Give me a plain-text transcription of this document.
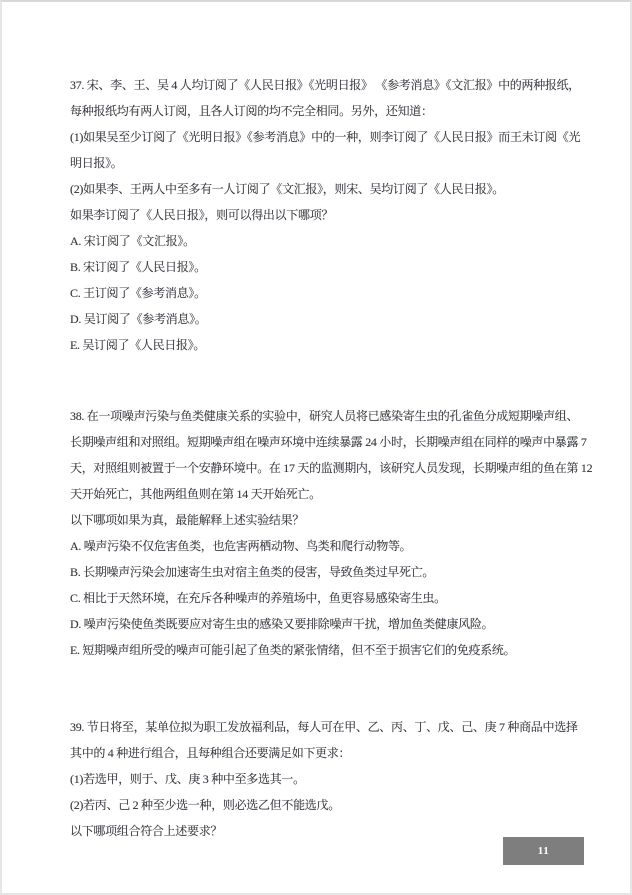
37. 宋、李、王、吴 4 人均订阅了《人民日报》《光明日报》 《参考消息》《文汇报》中的两种报纸，
每种报纸均有两人订阅，且各人订阅的均不完全相同。另外，还知道：
(1)如果吴至少订阅了《光明日报》《参考消息》中的一种，则李订阅了《人民日报》而王未订阅《光
明日报》。
(2)如果李、王两人中至多有一人订阅了《文汇报》，则宋、吴均订阅了《人民日报》。
如果李订阅了《人民日报》，则可以得出以下哪项？
A. 宋订阅了《文汇报》。
B. 宋订阅了《人民日报》。
C. 王订阅了《参考消息》。
D. 吴订阅了《参考消息》。
E. 吴订阅了《人民日报》。
38. 在一项噪声污染与鱼类健康关系的实验中，研究人员将已感染寄生虫的孔雀鱼分成短期噪声组、
长期噪声组和对照组。短期噪声组在噪声环境中连续暴露 24 小时，长期噪声组在同样的噪声中暴露 7
天，对照组则被置于一个安静环境中。在 17 天的监测期内，该研究人员发现，长期噪声组的鱼在第 12
天开始死亡，其他两组鱼则在第 14 天开始死亡。
以下哪项如果为真，最能解释上述实验结果？
A. 噪声污染不仅危害鱼类，也危害两栖动物、鸟类和爬行动物等。
B. 长期噪声污染会加速寄生虫对宿主鱼类的侵害，导致鱼类过早死亡。
C. 相比于天然环境，在充斥各种噪声的养殖场中，鱼更容易感染寄生虫。
D. 噪声污染使鱼类既要应对寄生虫的感染又要排除噪声干扰，增加鱼类健康风险。
E. 短期噪声组所受的噪声可能引起了鱼类的紧张情绪，但不至于损害它们的免疫系统。
39. 节日将至，某单位拟为职工发放福利品，每人可在甲、乙、丙、丁、戊、己、庚 7 种商品中选择
其中的 4 种进行组合，且每种组合还要满足如下更求：
(1)若选甲，则于、戊、庚 3 种中至多选其一。
(2)若丙、己 2 种至少选一种，则必选乙但不能选戊。
以下哪项组合符合上述要求？
11
